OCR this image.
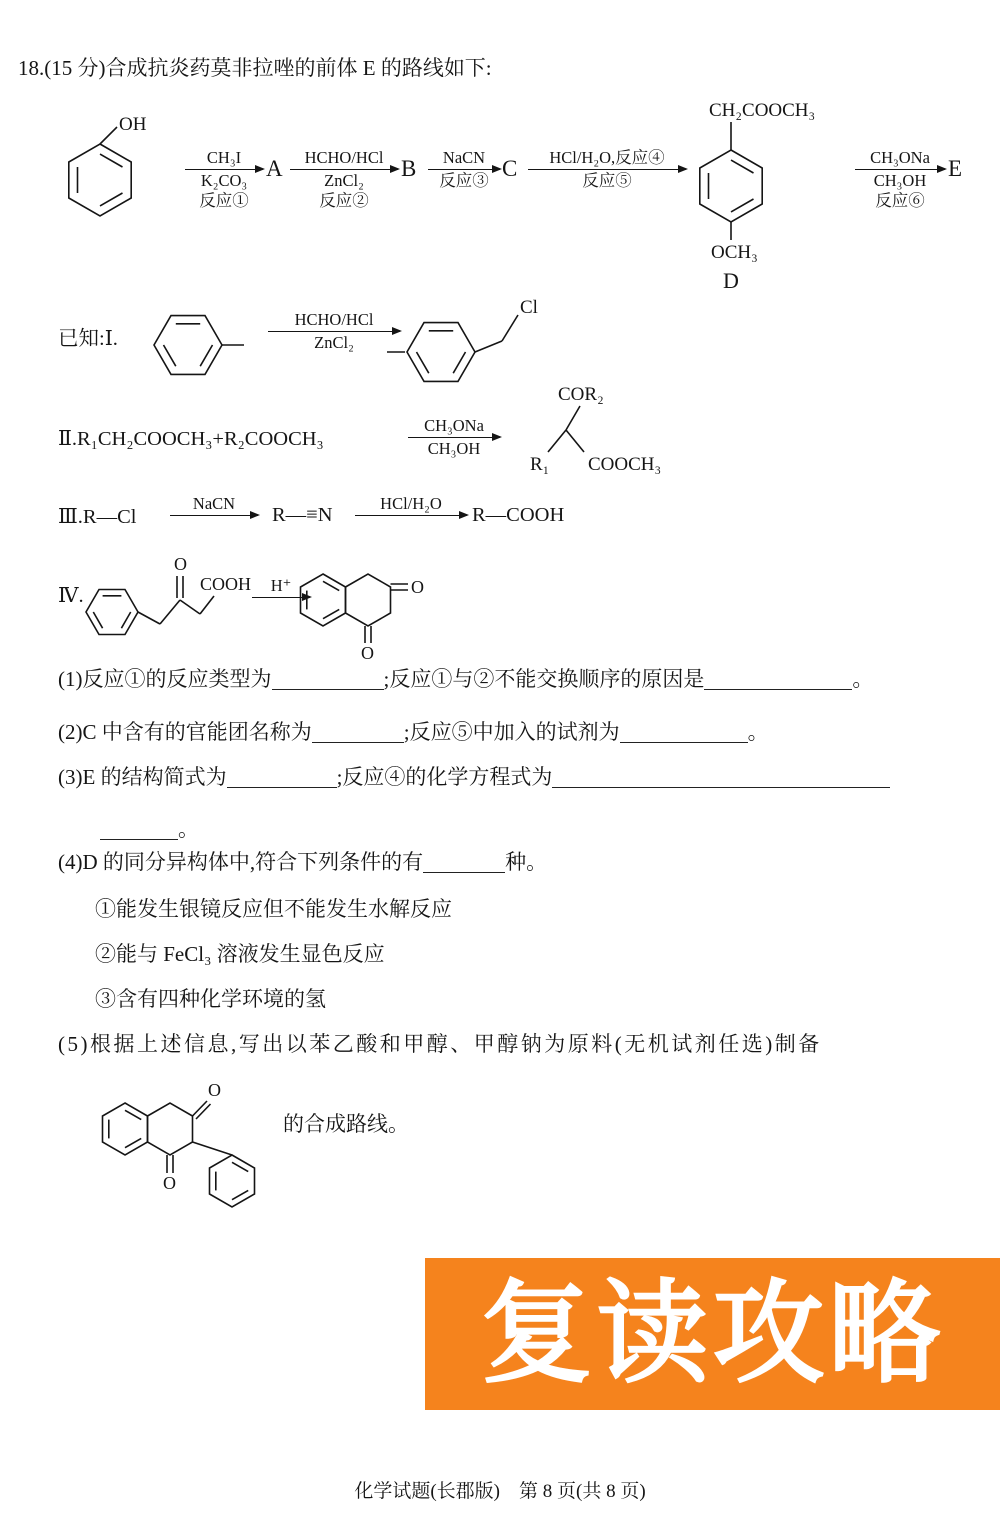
18.(15 分)合成抗炎药莫非拉唑的前体 E 的路线如下:
OH
CH₃I
K₂CO₃
反应①
A HCHO/HCl
ZnCl₂
反应②
B NaCN
反应③ C HCl/H₂O,反应④
反应⑤
CH₂COOCH₃
OCH₃
D
CH₃ONa
CH₃OH
反应⑥
E
已知:Ⅰ.
HCHO/HCl
ZnCl₂
Cl
Ⅱ.R₁CH₂COOCH₃+R₂COOCH₃
CH₃ONa
CH₃OH
COR₂
R₁ COOCH₃
Ⅲ.R—Cl
NaCN
R—≡N
HCl/H₂O
R—COOH
Ⅳ.
O
COOH H⁺	O
O
(1)反应①的反应类型为	;反应①与②不能交换顺序的原因是	。
(2)C 中含有的官能团名称为	;反应⑤中加入的试剂为	。
(3)E 的结构简式为	;反应④的化学方程式为
。
(4)D 的同分异构体中,符合下列条件的有	种。
①能发生银镜反应但不能发生水解反应
②能与 FeCl₃ 溶液发生显色反应
③含有四种化学环境的氢
(5)根据上述信息,写出以苯乙酸和甲醇、甲醇钠为原料(无机试剂任选)制备
O
O
的合成路线。
复读攻略
化学试题(长郡版)　第 8 页(共 8 页)
